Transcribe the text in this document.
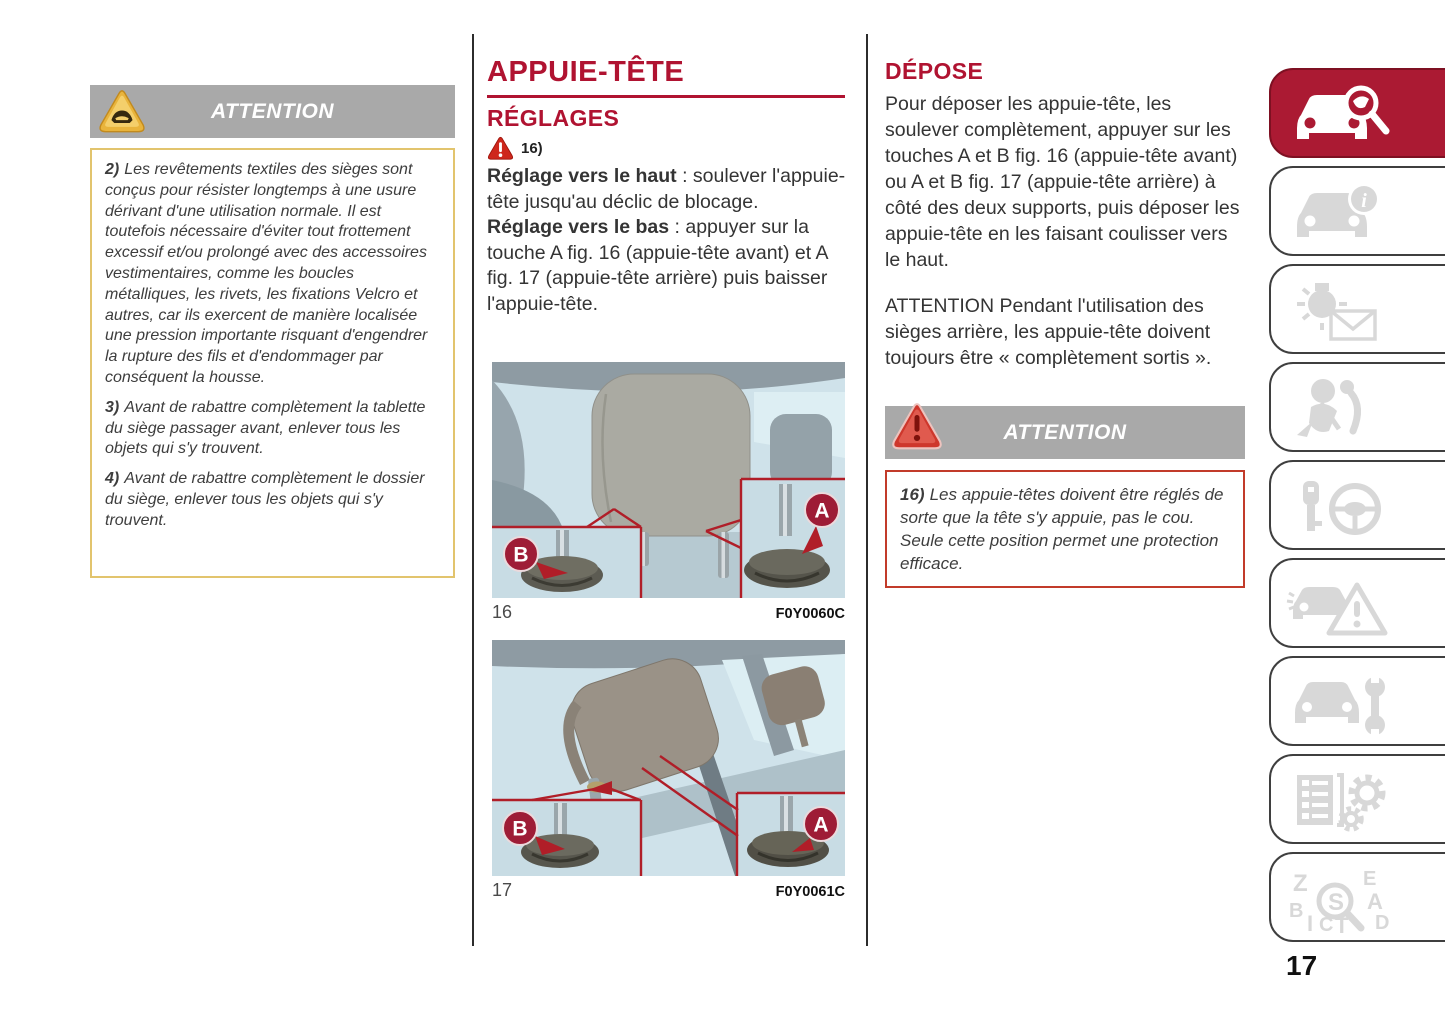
ATTENTION

2) Les revêtements textiles des sièges sont conçus pour résister longtemps à une usure dérivant d'une utilisation normale. Il est toutefois nécessaire d'éviter tout frottement excessif et/ou prolongé avec des accessoires vestimentaires, comme les boucles métalliques, les rivets, les fixations Velcro et autres, car ils exercent de manière localisée une pression importante risquant d'engendrer la rupture des fils et d'endommager par conséquent la housse.

3) Avant de rabattre complètement la tablette du siège passager avant, enlever tous les objets qui s'y trouvent.

4) Avant de rabattre complètement le dossier du siège, enlever tous les objets qui s'y trouvent.

APPUIE-TÊTE
RÉGLAGES
16)

Réglage vers le haut : soulever l'appuie-tête jusqu'au déclic de blocage.

Réglage vers le bas : appuyer sur la touche A fig. 16 (appuie-tête avant) et A fig. 17 (appuie-tête arrière) puis baisser l'appuie-tête.

B
A
16	F0Y0060C
B	A
17	F0Y0061C
DÉPOSE

Pour déposer les appuie-tête, les soulever complètement, appuyer sur les touches A et B fig. 16 (appuie-tête avant) ou A et B fig. 17 (appuie-tête arrière) à côté des deux supports, puis déposer les appuie-tête en les faisant coulisser vers le haut.

ATTENTION Pendant l'utilisation des sièges arrière, les appuie-tête doivent toujours être « complètement sortis ».

ATTENTION
16) Les appuie-têtes doivent être réglés de sorte que la tête s'y appuie, pas le cou. Seule cette position permet une protection efficace.
i
Z	E
B	A
D
I C T
S
17
